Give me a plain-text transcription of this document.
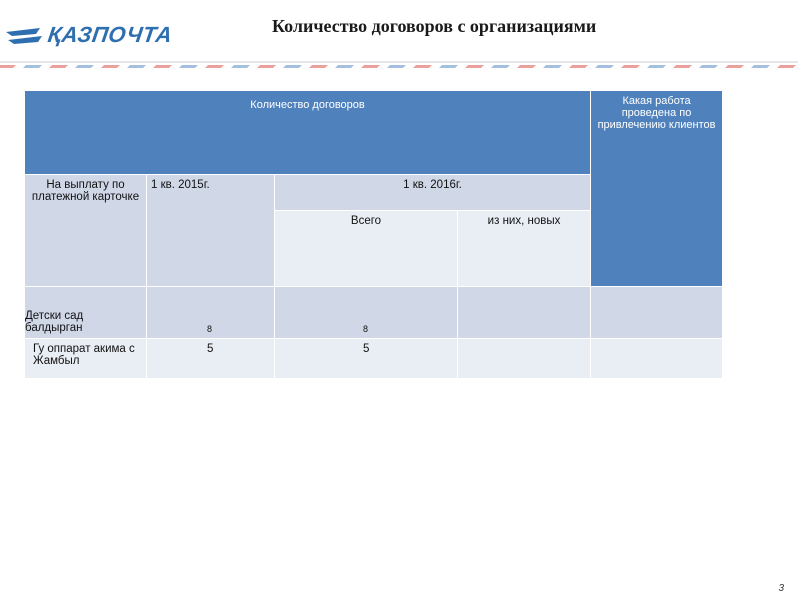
ҚАЗПОЧТА	Количество договоров с организациями
Количество договоров				Какая работа проведена по привлечению клиентов

На выплату по платежной карточке	1 кв. 2015г.	1 кв. 2016г.		
		Всего	из них, новых	
Детски сад балдырган	8	8		
Гу оппарат акима с Жамбыл	5	5		
3
